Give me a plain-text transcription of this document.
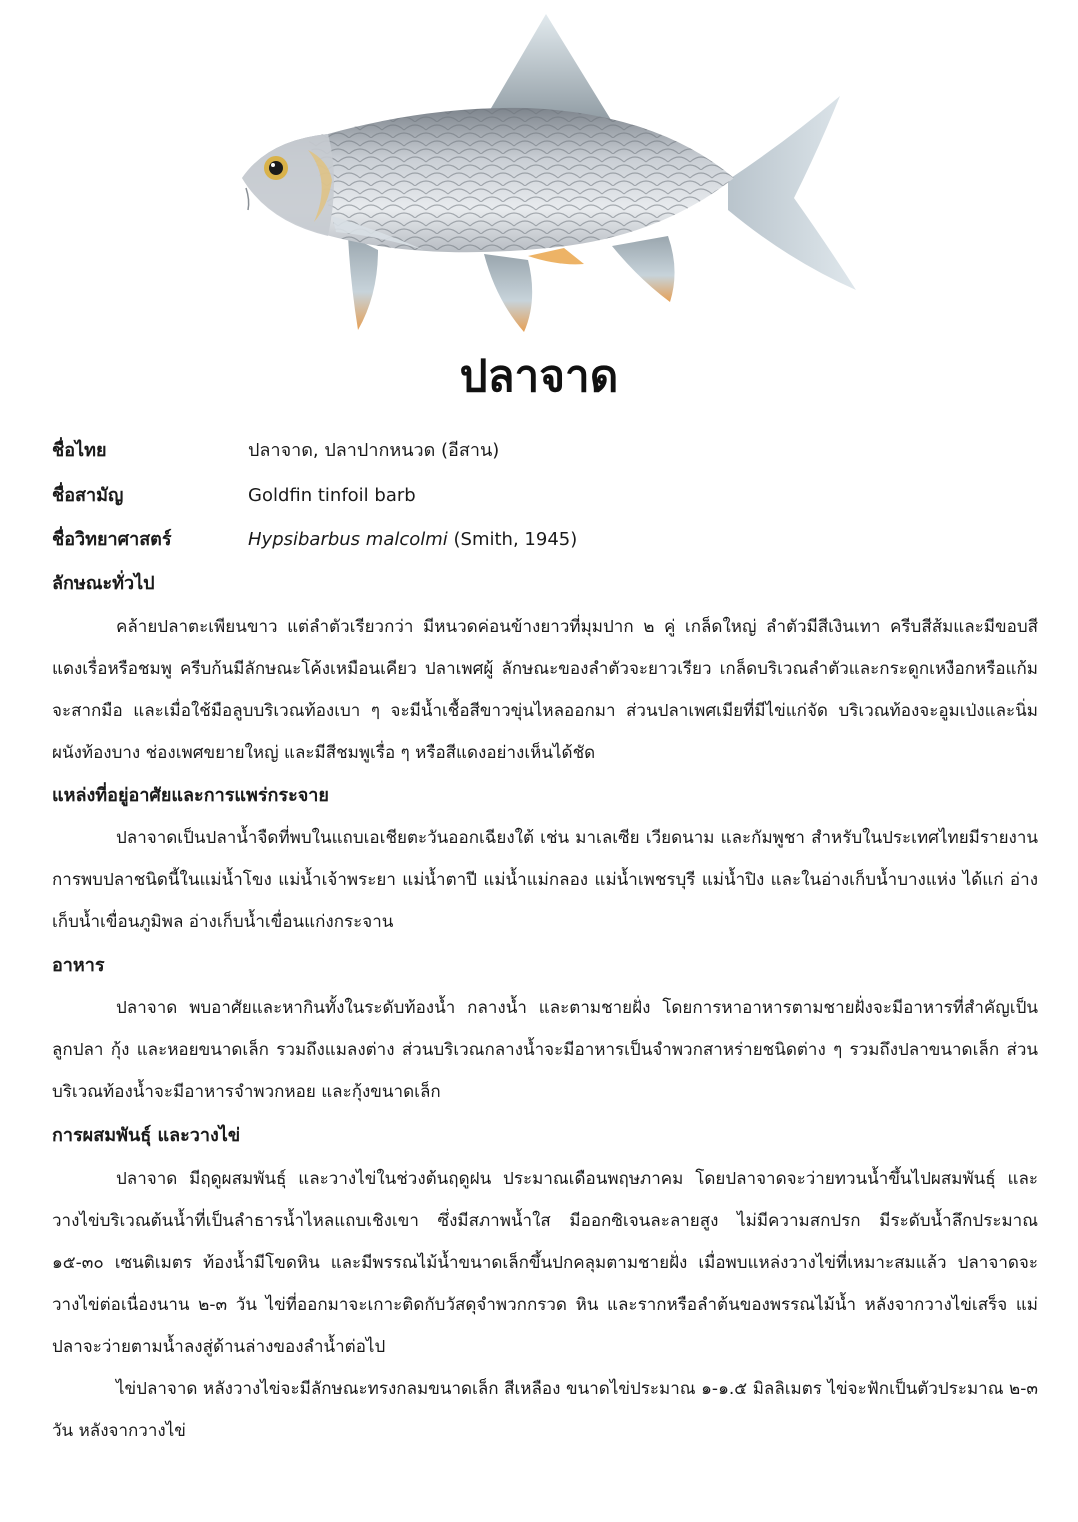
ปลาจาด
ชื่อไทย	ปลาจาด, ปลาปากหนวด (อีสาน)
ชื่อสามัญ	Goldfin tinfoil barb
ชื่อวิทยาศาสตร์	Hypsibarbus malcolmi (Smith, 1945)
ลักษณะทั่วไป
คล้ายปลาตะเพียนขาว แต่ลำตัวเรียวกว่า มีหนวดค่อนข้างยาวที่มุมปาก ๒ คู่ เกล็ดใหญ่ ลำตัวมีสีเงินเทา ครีบสีส้มและมีขอบสีแดงเรื่อหรือชมพู ครีบก้นมีลักษณะโค้งเหมือนเคียว ปลาเพศผู้ ลักษณะของลำตัวจะยาวเรียว เกล็ดบริเวณลำตัวและกระดูกเหงือกหรือแก้มจะสากมือ และเมื่อใช้มือลูบบริเวณท้องเบา ๆ จะมีน้ำเชื้อสีขาวขุ่นไหลออกมา ส่วนปลาเพศเมียที่มีไข่แก่จัด บริเวณท้องจะอูมเป่งและนิ่ม ผนังท้องบาง ช่องเพศขยายใหญ่ และมีสีชมพูเรื่อ ๆ หรือสีแดงอย่างเห็นได้ชัด
แหล่งที่อยู่อาศัยและการแพร่กระจาย
ปลาจาดเป็นปลาน้ำจืดที่พบในแถบเอเชียตะวันออกเฉียงใต้ เช่น มาเลเซีย เวียดนาม และกัมพูชา สำหรับในประเทศไทยมีรายงานการพบปลาชนิดนี้ในแม่น้ำโขง แม่น้ำเจ้าพระยา แม่น้ำตาปี แม่น้ำแม่กลอง แม่น้ำเพชรบุรี แม่น้ำปิง และในอ่างเก็บน้ำบางแห่ง ได้แก่ อ่างเก็บน้ำเขื่อนภูมิพล อ่างเก็บน้ำเขื่อนแก่งกระจาน
อาหาร
ปลาจาด พบอาศัยและหากินทั้งในระดับท้องน้ำ กลางน้ำ และตามชายฝั่ง โดยการหาอาหารตามชายฝั่งจะมีอาหารที่สำคัญเป็นลูกปลา กุ้ง และหอยขนาดเล็ก รวมถึงแมลงต่าง ส่วนบริเวณกลางน้ำจะมีอาหารเป็นจำพวกสาหร่ายชนิดต่าง ๆ รวมถึงปลาขนาดเล็ก ส่วนบริเวณท้องน้ำจะมีอาหารจำพวกหอย และกุ้งขนาดเล็ก
การผสมพันธุ์ และวางไข่
ปลาจาด มีฤดูผสมพันธุ์ และวางไข่ในช่วงต้นฤดูฝน ประมาณเดือนพฤษภาคม โดยปลาจาดจะว่ายทวนน้ำขึ้นไปผสมพันธุ์ และวางไข่บริเวณต้นน้ำที่เป็นลำธารน้ำไหลแถบเชิงเขา ซึ่งมีสภาพน้ำใส มีออกซิเจนละลายสูง ไม่มีความสกปรก มีระดับน้ำลึกประมาณ ๑๕-๓๐ เซนติเมตร ท้องน้ำมีโขดหิน และมีพรรณไม้น้ำขนาดเล็กขึ้นปกคลุมตามชายฝั่ง เมื่อพบแหล่งวางไข่ที่เหมาะสมแล้ว ปลาจาดจะวางไข่ต่อเนื่องนาน ๒-๓ วัน ไข่ที่ออกมาจะเกาะติดกับวัสดุจำพวกกรวด หิน และรากหรือลำต้นของพรรณไม้น้ำ หลังจากวางไข่เสร็จ แม่ปลาจะว่ายตามน้ำลงสู่ด้านล่างของลำน้ำต่อไป
ไข่ปลาจาด หลังวางไข่จะมีลักษณะทรงกลมขนาดเล็ก สีเหลือง ขนาดไข่ประมาณ ๑-๑.๕ มิลลิเมตร ไข่จะฟักเป็นตัวประมาณ ๒-๓ วัน หลังจากวางไข่
